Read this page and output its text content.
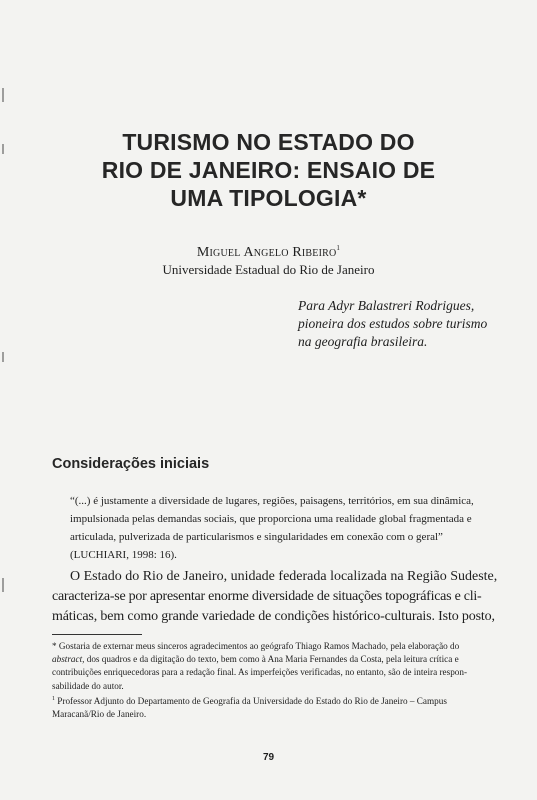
TURISMO NO ESTADO DO
RIO DE JANEIRO: ENSAIO DE
UMA TIPOLOGIA*
Miguel Angelo Ribeiro$^1$
Universidade Estadual do Rio de Janeiro
Para Adyr Balastreri Rodrigues,
pioneira dos estudos sobre turismo
na geografia brasileira.
Considerações iniciais
“(...) é justamente a diversidade de lugares, regiões, paisagens, territórios, em sua dinâmica,
impulsionada pelas demandas sociais, que proporciona uma realidade global fragmentada e
articulada, pulverizada de particularismos e singularidades em conexão com o geral”
(LUCHIARI, 1998: 16).
O Estado do Rio de Janeiro, unidade federada localizada na Região Sudeste,
caracteriza-se por apresentar enorme diversidade de situações topográficas e cli-
máticas, bem como grande variedade de condições histórico-culturais. Isto posto,
* Gostaria de externar meus sinceros agradecimentos ao geógrafo Thiago Ramos Machado, pela elaboração do
abstract, dos quadros e da digitação do texto, bem como à Ana Maria Fernandes da Costa, pela leitura crítica e
contribuições enriquecedoras para a redação final. As imperfeições verificadas, no entanto, são de inteira respon-
sabilidade do autor.
$^1$ Professor Adjunto do Departamento de Geografia da Universidade do Estado do Rio de Janeiro – Campus
Maracanã/Rio de Janeiro.
79
